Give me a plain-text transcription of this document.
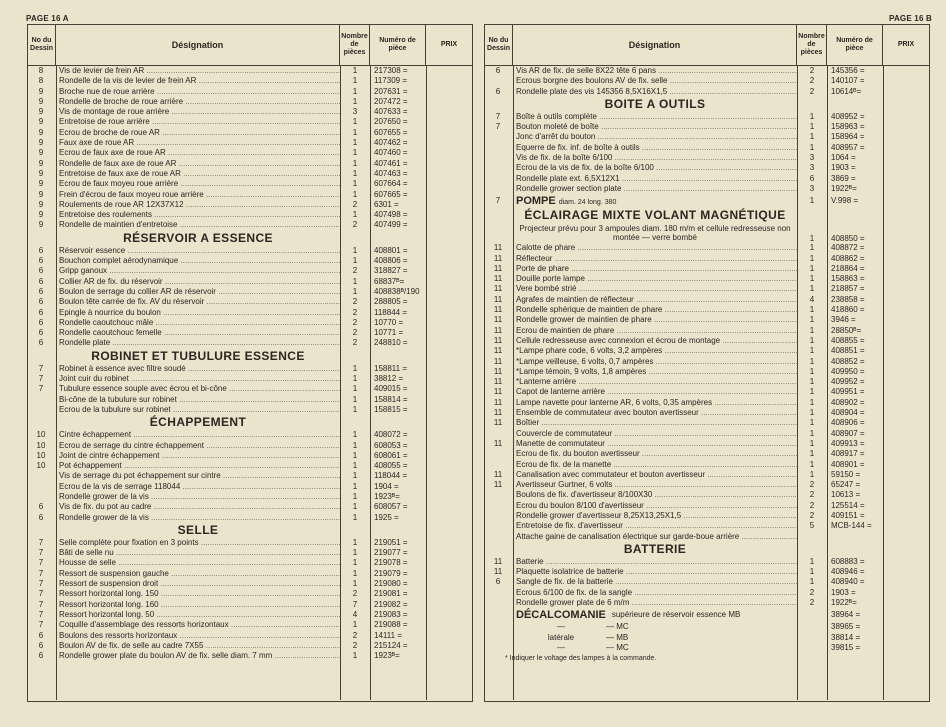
PAGE 16 A	PAGE 16 B
No du Dessin	Désignation
Nombre de pièces
Numéro de pièce
PRIX
8	Vis de levier de frein AR .....	1	217308 =
8	Rondelle de la vis de levier de frein AR .....	1	117309 =
9	Broche nue de roue arrière .....	1	207631 =
9	Rondelle de broche de roue arrière .....	1	207472 =
9	Vis de montage de roue arrière .....	3	407633 =
9	Entretoise de roue arrière .....	1	207650 =
9	Ecrou de broche de roue AR .....	1	607655 =
9	Faux axe de roue AR .....	1	407462 =
9	Ecrou de faux axe de roue AR .....	1	407460 =
9	Rondelle de faux axe de roue AR .....	1	407461 =
9	Entretoise de faux axe de roue AR .....	1	407463 =
9	Ecrou de faux moyeu roue arrière .....	1	607664 =
9	Frein d'écrou de faux moyeu roue arrière .....	1	607665 =
9	Roulements de roue AR 12X37X12 .....	2	6301 =
9	Entretoise des roulements .....	1	407498 =
9	Rondelle de maintien d'entretoise .....	2	407499 =
RÉSERVOIR A ESSENCE
6	Réservoir essence .....	1	408801 =
6	Bouchon complet aérodynamique .....	1	408806 =
6	Gripp ganoux .....	2	318827 =
6	Collier AR de fix. du réservoir .....	1	68837ᴮ=
6	Boulon de serrage du collier AR de réservoir .....	1	408838ᴮ/190
6	Boulon tête carrée de fix. AV du réservoir .....	2	288805 =
6	Epingle à nourrice du boulon .....	2	118844 =
6	Rondelle caoutchouc mâle .....	2	10770 =
6	Rondelle caoutchouc femelle .....	2	10771 =
6	Rondelle plate .....	2	248810 =
ROBINET ET TUBULURE ESSENCE
7	Robinet à essence avec filtre soudé .....	1	158811 =
7	Joint cuir du robinet .....	1	38812 =
7	Tubulure essence souple avec écrou et bi-cône .....	1	409015 =
Bi-cône de la tubulure sur robinet .....	1	158814 =
Ecrou de la tubulure sur robinet .....	1	158815 =
ÉCHAPPEMENT
10	Cintre échappement .....	1	408072 =
10	Ecrou de serrage du cintre échappement .....	1	608053 =
10	Joint de cintre échappement .....	1	608061 =
10	Pot échappement .....	1	408055 =
Vis de serrage du pot échappement sur cintre .....	1	118044 =
Ecrou de la vis de serrage 118044 .....	1	1904 =
Rondelle grower de la vis .....	1	1923ᴮ=
6	Vis de fix. du pot au cadre .....	1	608057 =
6	Rondelle grower de la vis .....	1	1925 =
SELLE
7	Selle complète pour fixation en 3 points .....	1	219051 =
7	Bâti de selle nu .....	1	219077 =
7	Housse de selle .....	1	219078 =
7	Ressort de suspension gauche .....	1	219079 =
7	Ressort de suspension droit .....	1	219080 =
7	Ressort horizontal long. 150 .....	2	219081 =
7	Ressort horizontal long. 160 .....	7	219082 =
7	Ressort horizontal long. 50 .....	4	219083 =
7	Coquille d'assemblage des ressorts horizontaux .....	1	219088 =
6	Boulons des ressorts horizontaux .....	2	14111 =
6	Boulon AV de fix. de selle au cadre 7X55 .....	2	215124 =
6	Rondelle grower plate du boulon AV de fix. selle diam. 7 mm .....	1	1923ᴮ=
No du Dessin	Désignation
Nombre de pièces
Numéro de pièce
PRIX
6	Vis AR de fix. de selle 8X22 tête 6 pans .....	2	145356 =
Ecrous borgne des boulons AV de fix. selle .....	2	140107 =
6	Rondelle plate des vis 145356 8,5X16X1,5 .....	2	10614ᴮ=
BOITE A OUTILS
7	Boîte à outils complète .....	1	408952 =
7	Bouton moleté de boîte .....	1	158963 =
Jonc d'arrêt du bouton .....	1	158964 =
Equerre de fix. inf. de boîte à outils .....	1	408957 =
Vis de fix. de la boîte 6/100 .....	3	1064 =
Ecrou de la vis de fix. de la boîte 6/100 .....	3	1903 =
Rondelle plate ext. 6,5X12X1 .....	6	3869 =
Rondelle grower section plate .....	3	1922ᴮ=
7	POMPE diam. 24 long. 380	1	V.998 =
ÉCLAIRAGE MIXTE VOLANT MAGNÉTIQUE
Projecteur prévu pour 3 ampoules diam. 180 m/m et cellule redresseuse non montée — verre bombé	1	408850 =
11	Calotte de phare .....	1	408872 =
11	Réflecteur .....	1	408862 =
11	Porte de phare .....	1	218864 =
11	Douille porte lampe .....	1	158863 =
11	Vere bombé strié .....	1	218857 =
11	Agrafes de maintien de réflecteur .....	4	238858 =
11	Rondelle sphérique de maintien de phare .....	1	418860 =
11	Rondelle grower de maintien de phare .....	1	3946 =
11	Ecrou de maintien de phare .....	1	28850ᴮ=
11	Cellule redresseuse avec connexion et écrou de montage .....	1	408855 =
11	*Lampe phare code, 6 volts, 3,2 ampères .....	1	408851 =
11	*Lampe veilleuse, 6 volts, 0,7 ampères .....	1	408852 =
11	*Lampe témoin, 9 volts, 1,8 ampères .....	1	409950 =
11	*Lanterne arrière .....	1	409952 =
11	Capot de lanterne arrière .....	1	409951 =
11	Lampe navette pour lanterne AR, 6 volts, 0,35 ampères .....	1	408902 =
11	Ensemble de commutateur avec bouton avertisseur .....	1	408904 =
11	Boîtier .....	1	408906 =
Couvercle de commutateur .....	1	408907 =
11	Manette de commutateur .....	1	409913 =
Ecrou de fix. du bouton avertisseur .....	1	408917 =
Ecrou de fix. de la manette .....	1	408901 =
11	Canalisation avec commutateur et bouton avertisseur .....	1	59150 =
11	Avertisseur Gurtner, 6 volts .....	2	65247 =
Boulons de fix. d'avertisseur 8/100X30 .....	2	10613 =
Ecrou du boulon 8/100 d'avertisseur .....	2	125514 =
Rondelle grower d'avertisseur 8,25X13,25X1,5 .....	2	409151 =
Entretoise de fix. d'avertisseur .....	5	MCB-144 =
Attache gaine de canalisation électrique sur garde-boue arrière .....
BATTERIE
11	Batterie .....	1	608883 =
11	Plaquette isolatrice de batterie .....	1	408946 =
6	Sangle de fix. de la batterie .....	1	408940 =
Ecrous 6/100 de fix. de la sangle .....	2	1903 =
Rondelle grower plate de 6 m/m .....	2	1922ᴮ=
DÉCALCOMANIE supérieure de réservoir essence MB	38964 =
—	— MC	38965 =
latérale	— MB	38814 =
—	— MC	39815 =
* Indiquer le voltage des lampes à la commande.
